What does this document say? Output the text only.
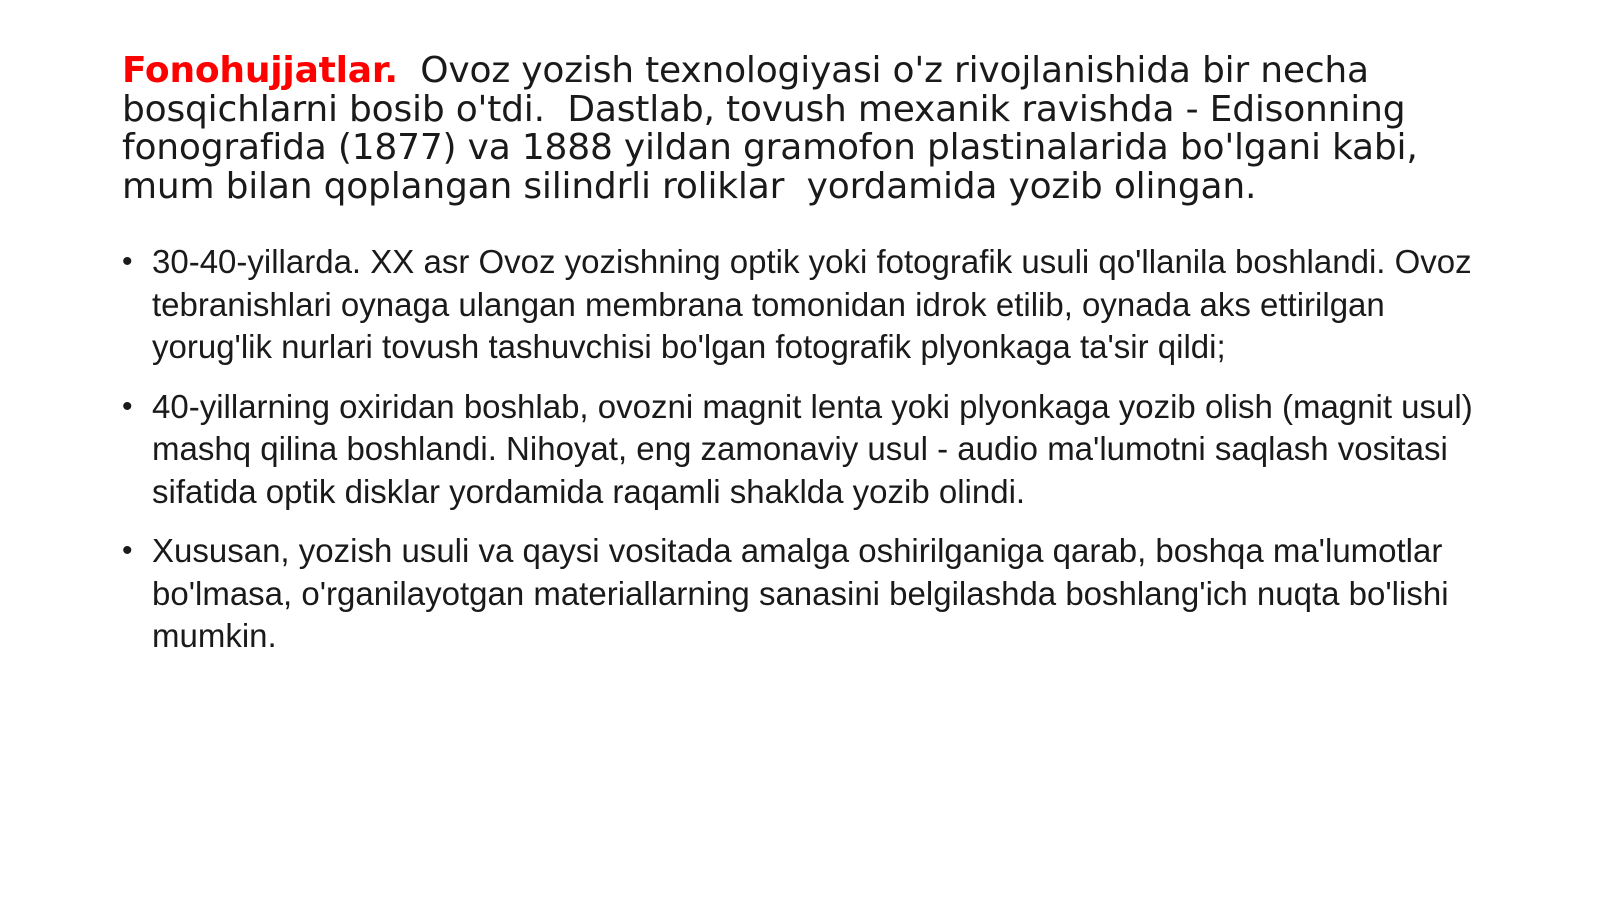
Fonohujjatlar.  Ovoz yozish texnologiyasi o'z rivojlanishida bir necha bosqichlarni bosib o'tdi.  Dastlab, tovush mexanik ravishda - Edisonning fonografida (1877) va 1888 yildan gramofon plastinalarida bo'lgani kabi, mum bilan qoplangan silindrli roliklar  yordamida yozib olingan.

• 30-40-yillarda. XX asr Ovoz yozishning optik yoki fotografik usuli qo'llanila boshlandi. Ovoz tebranishlari oynaga ulangan membrana tomonidan idrok etilib, oynada aks ettirilgan yorug'lik nurlari tovush tashuvchisi bo'lgan fotografik plyonkaga ta'sir qildi;
• 40-yillarning oxiridan boshlab, ovozni magnit lenta yoki plyonkaga yozib olish (magnit usul) mashq qilina boshlandi. Nihoyat, eng zamonaviy usul - audio ma'lumotni saqlash vositasi sifatida optik disklar yordamida raqamli shaklda yozib olindi.
• Xususan, yozish usuli va qaysi vositada amalga oshirilganiga qarab, boshqa ma'lumotlar bo'lmasa, o'rganilayotgan materiallarning sanasini belgilashda boshlang'ich nuqta bo'lishi mumkin.
